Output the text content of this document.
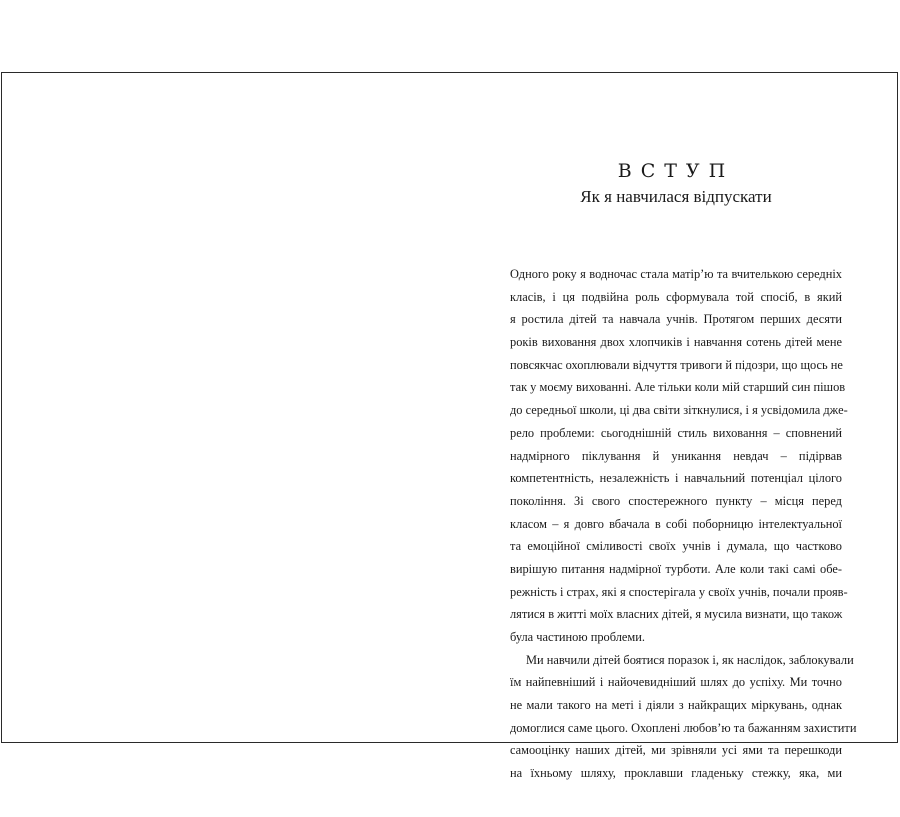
ВСТУП
Як я навчилася відпускати

Одного року я водночас стала матір’ю та вчителькою середніх
класів, і ця подвійна роль сформувала той спосіб, в який
я ростила дітей та навчала учнів. Протягом перших десяти
років виховання двох хлопчиків і навчання сотень дітей мене
повсякчас охоплювали відчуття тривоги й підозри, що щось не
так у моєму вихованні. Але тільки коли мій старший син пішов
до середньої школи, ці два світи зіткнулися, і я усвідомила дже-
рело проблеми: сьогоднішній стиль виховання – сповнений
надмірного піклування й уникання невдач – підірвав
компетентність, незалежність і навчальний потенціал цілого
покоління. Зі свого спостережного пункту – місця перед
класом – я довго вбачала в собі поборницю інтелектуальної
та емоційної сміливості своїх учнів і думала, що частково
вирішую питання надмірної турботи. Але коли такі самі обе-
режність і страх, які я спостерігала у своїх учнів, почали прояв-
лятися в житті моїх власних дітей, я мусила визнати, що також
була частиною проблеми.

Ми навчили дітей боятися поразок і, як наслідок, заблокували
їм найпевніший і найочевидніший шлях до успіху. Ми точно
не мали такого на меті і діяли з найкращих міркувань, однак
домоглися саме цього. Охоплені любов’ю та бажанням захистити
самооцінку наших дітей, ми зрівняли усі ями та перешкоди
на їхньому шляху, проклавши гладеньку стежку, яка, ми
